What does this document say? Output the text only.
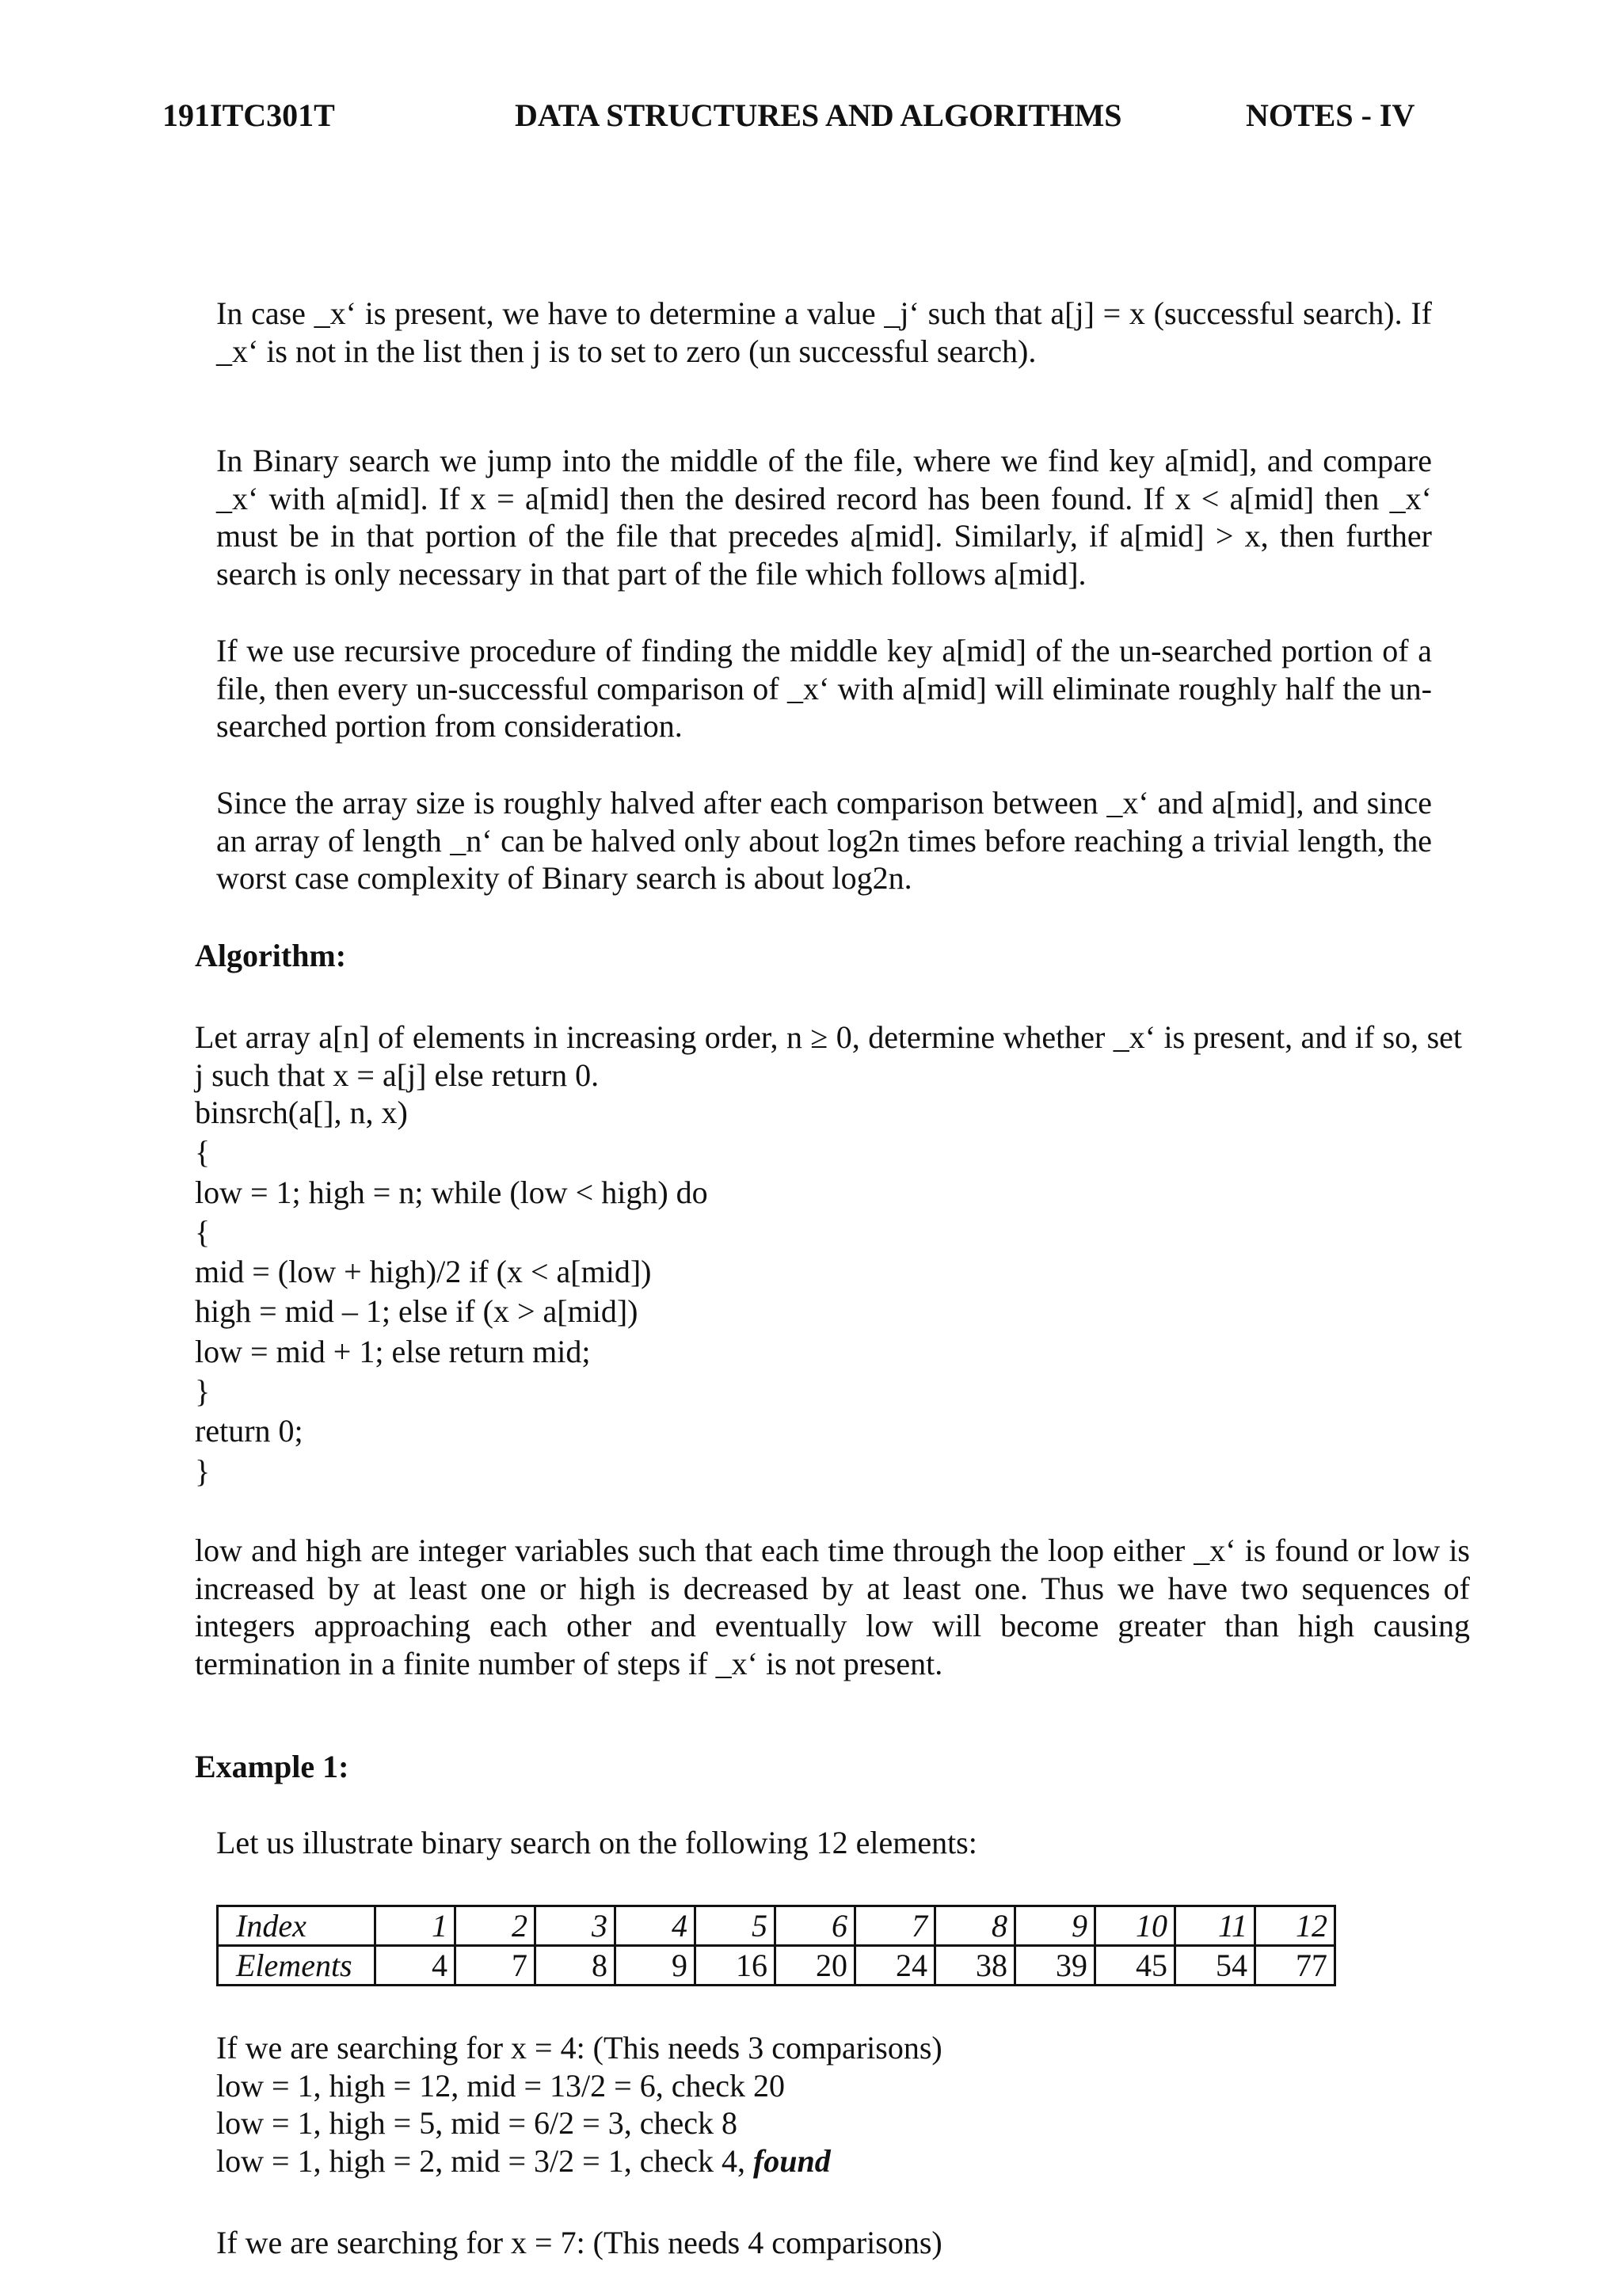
191ITC301T	DATA STRUCTURES AND ALGORITHMS	NOTES - IV

In case _x‘ is present, we have to determine a value _j‘ such that a[j] = x (successful search). If _x‘ is not in the list then j is to set to zero (un successful search).

In Binary search we jump into the middle of the file, where we find key a[mid], and compare _x‘ with a[mid]. If x = a[mid] then the desired record has been found. If x < a[mid] then _x‘ must be in that portion of the file that precedes a[mid]. Similarly, if a[mid] > x, then further search is only necessary in that part of the file which follows a[mid].

If we use recursive procedure of finding the middle key a[mid] of the un-searched portion of a file, then every un-successful comparison of _x‘ with a[mid] will eliminate roughly half the un-searched portion from consideration.

Since the array size is roughly halved after each comparison between _x‘ and a[mid], and since an array of length _n‘ can be halved only about log2n times before reaching a trivial length, the worst case complexity of Binary search is about log2n.

Algorithm:

Let array a[n] of elements in increasing order, n ≥ 0, determine whether _x‘ is present, and if so, set j such that x = a[j] else return 0.

binsrch(a[], n, x)
{
low = 1; high = n; while (low < high) do
{
mid = (low + high)/2 if (x < a[mid])
high = mid – 1; else if (x > a[mid])
low = mid + 1; else return mid;
}
return 0;
}

low and high are integer variables such that each time through the loop either _x‘ is found or low is increased by at least one or high is decreased by at least one. Thus we have two sequences of integers approaching each other and eventually low will become greater than high causing termination in a finite number of steps if _x‘ is not present.

Example 1:

Let us illustrate binary search on the following 12 elements:

Index	1	2	3	4	5	6	7	8	9	10	11	12
Elements	4	7	8	9	16	20	24	38	39	45	54	77
If we are searching for x = 4: (This needs 3 comparisons)
low = 1, high = 12, mid = 13/2 = 6, check 20
low = 1, high = 5, mid = 6/2 = 3, check 8
low = 1, high = 2, mid = 3/2 = 1, check 4, found

If we are searching for x = 7: (This needs 4 comparisons)
